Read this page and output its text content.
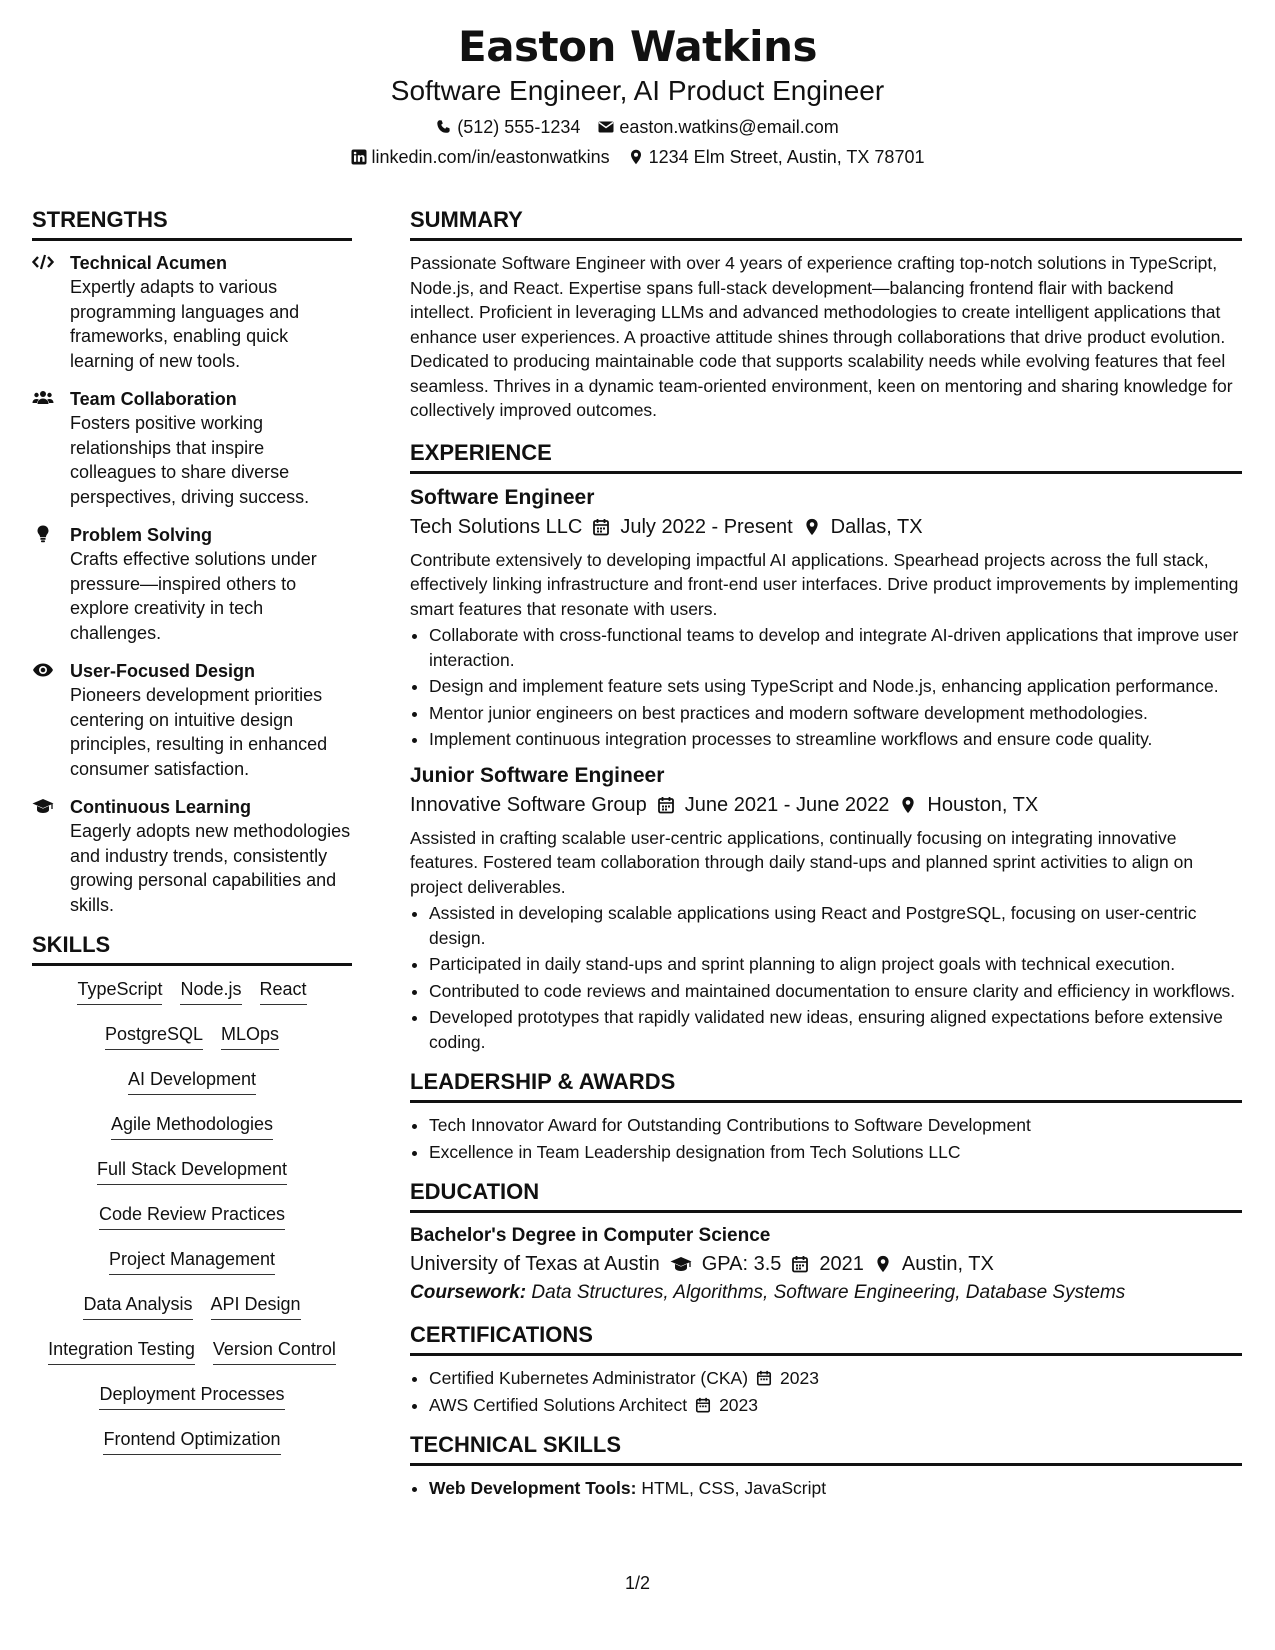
Easton Watkins
Software Engineer, AI Product Engineer
(512) 555-1234 easton.watkins@email.com
linkedin.com/in/eastonwatkins 1234 Elm Street, Austin, TX 78701
STRENGTHS
Technical Acumen
Expertly adapts to various programming languages and frameworks, enabling quick learning of new tools.
Team Collaboration
Fosters positive working relationships that inspire colleagues to share diverse perspectives, driving success.
Problem Solving
Crafts effective solutions under pressure—inspired others to explore creativity in tech challenges.
User-Focused Design
Pioneers development priorities centering on intuitive design principles, resulting in enhanced consumer satisfaction.
Continuous Learning
Eagerly adopts new methodologies and industry trends, consistently growing personal capabilities and skills.
SKILLS
TypeScript Node.js React
PostgreSQL MLOps
AI Development
Agile Methodologies
Full Stack Development
Code Review Practices
Project Management
Data Analysis API Design
Integration Testing Version Control
Deployment Processes
Frontend Optimization
SUMMARY
Passionate Software Engineer with over 4 years of experience crafting top-notch solutions in TypeScript, Node.js, and React. Expertise spans full-stack development—balancing frontend flair with backend intellect. Proficient in leveraging LLMs and advanced methodologies to create intelligent applications that enhance user experiences. A proactive attitude shines through collaborations that drive product evolution. Dedicated to producing maintainable code that supports scalability needs while evolving features that feel seamless. Thrives in a dynamic team-oriented environment, keen on mentoring and sharing knowledge for collectively improved outcomes.
EXPERIENCE
Software Engineer
Tech Solutions LLC July 2022 - Present Dallas, TX
Contribute extensively to developing impactful AI applications. Spearhead projects across the full stack, effectively linking infrastructure and front-end user interfaces. Drive product improvements by implementing smart features that resonate with users.
• Collaborate with cross-functional teams to develop and integrate AI-driven applications that improve user interaction.
• Design and implement feature sets using TypeScript and Node.js, enhancing application performance.
• Mentor junior engineers on best practices and modern software development methodologies.
• Implement continuous integration processes to streamline workflows and ensure code quality.
Junior Software Engineer
Innovative Software Group June 2021 - June 2022 Houston, TX
Assisted in crafting scalable user-centric applications, continually focusing on integrating innovative features. Fostered team collaboration through daily stand-ups and planned sprint activities to align on project deliverables.
• Assisted in developing scalable applications using React and PostgreSQL, focusing on user-centric design.
• Participated in daily stand-ups and sprint planning to align project goals with technical execution.
• Contributed to code reviews and maintained documentation to ensure clarity and efficiency in workflows.
• Developed prototypes that rapidly validated new ideas, ensuring aligned expectations before extensive coding.
LEADERSHIP & AWARDS
• Tech Innovator Award for Outstanding Contributions to Software Development
• Excellence in Team Leadership designation from Tech Solutions LLC
EDUCATION
Bachelor's Degree in Computer Science
University of Texas at Austin GPA: 3.5 2021 Austin, TX
Coursework: Data Structures, Algorithms, Software Engineering, Database Systems
CERTIFICATIONS
• Certified Kubernetes Administrator (CKA) 2023
• AWS Certified Solutions Architect 2023
TECHNICAL SKILLS
• Web Development Tools: HTML, CSS, JavaScript
1/2
